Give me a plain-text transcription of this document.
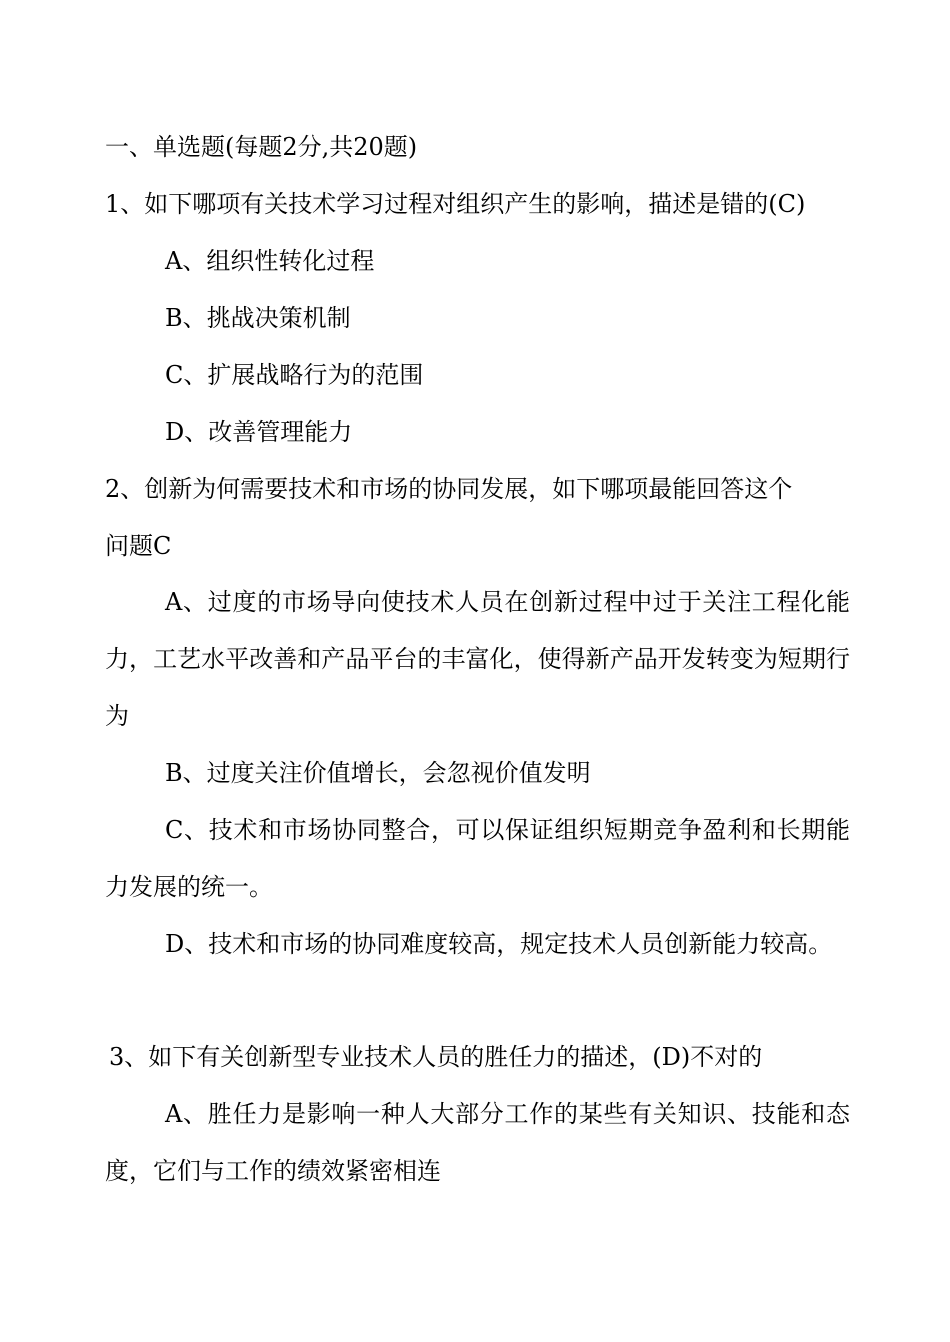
一、单选题(每题2分,共20题)
1、如下哪项有关技术学习过程对组织产生的影响，描述是错的(C)
A、组织性转化过程
B、挑战决策机制
C、扩展战略行为的范围
D、改善管理能力
2、创新为何需要技术和市场的协同发展，如下哪项最能回答这个
问题C
A、过度的市场导向使技术人员在创新过程中过于关注工程化能力，工艺水平改善和产品平台的丰富化，使得新产品开发转变为短期行为
B、过度关注价值增长，会忽视价值发明
C、技术和市场协同整合，可以保证组织短期竞争盈利和长期能力发展的统一。
D、技术和市场的协同难度较高，规定技术人员创新能力较高。
3、如下有关创新型专业技术人员的胜任力的描述，(D)不对的
A、胜任力是影响一种人大部分工作的某些有关知识、技能和态度，它们与工作的绩效紧密相连
